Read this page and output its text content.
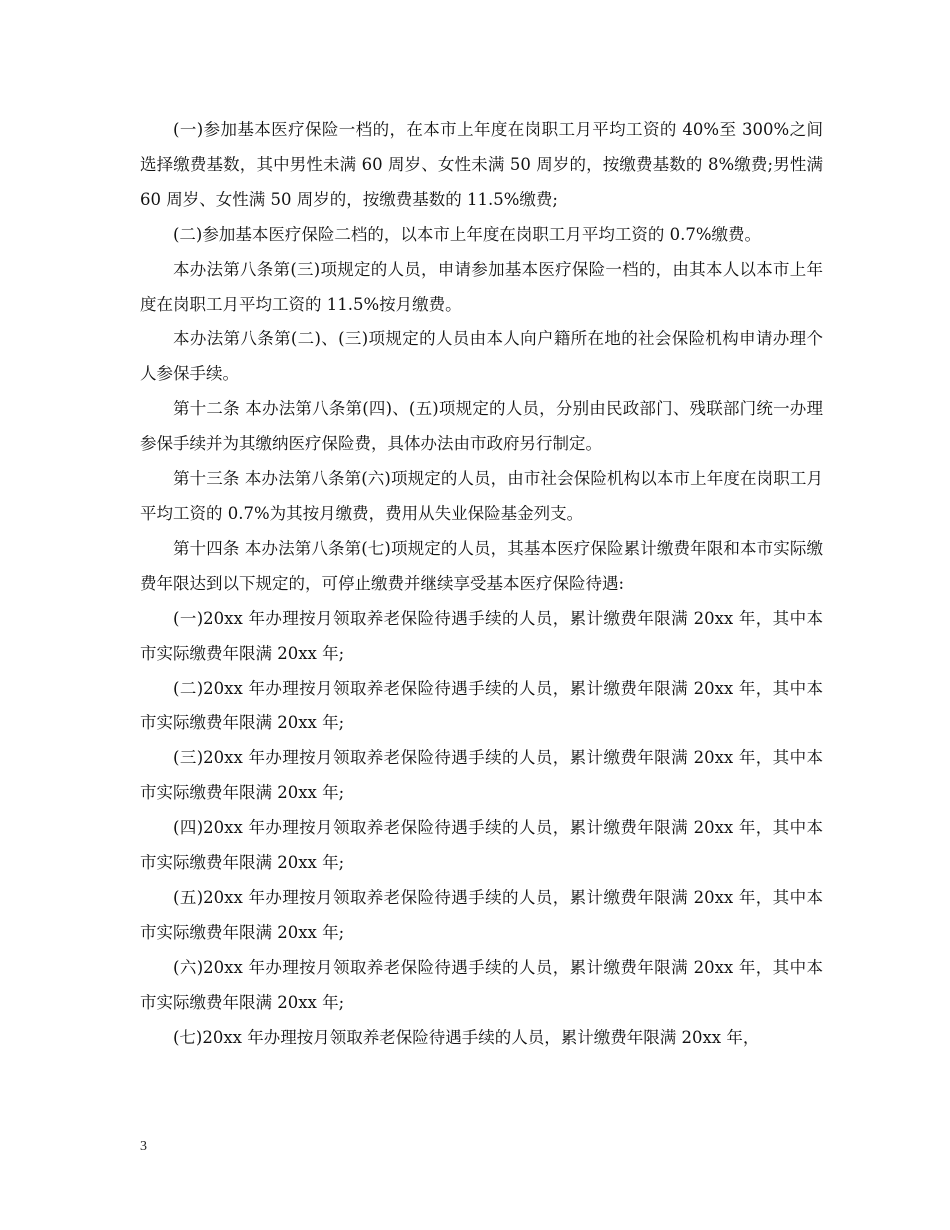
(一)参加基本医疗保险一档的，在本市上年度在岗职工月平均工资的 40%至 300%之间选择缴费基数，其中男性未满 60 周岁、女性未满 50 周岁的，按缴费基数的 8%缴费;男性满 60 周岁、女性满 50 周岁的，按缴费基数的 11.5%缴费;

(二)参加基本医疗保险二档的，以本市上年度在岗职工月平均工资的 0.7%缴费。

本办法第八条第(三)项规定的人员，申请参加基本医疗保险一档的，由其本人以本市上年度在岗职工月平均工资的 11.5%按月缴费。

本办法第八条第(二)、(三)项规定的人员由本人向户籍所在地的社会保险机构申请办理个人参保手续。

第十二条 本办法第八条第(四)、(五)项规定的人员，分别由民政部门、残联部门统一办理参保手续并为其缴纳医疗保险费，具体办法由市政府另行制定。

第十三条 本办法第八条第(六)项规定的人员，由市社会保险机构以本市上年度在岗职工月平均工资的 0.7%为其按月缴费，费用从失业保险基金列支。

第十四条 本办法第八条第(七)项规定的人员，其基本医疗保险累计缴费年限和本市实际缴费年限达到以下规定的，可停止缴费并继续享受基本医疗保险待遇:

(一)20xx 年办理按月领取养老保险待遇手续的人员，累计缴费年限满 20xx 年，其中本市实际缴费年限满 20xx 年;

(二)20xx 年办理按月领取养老保险待遇手续的人员，累计缴费年限满 20xx 年，其中本市实际缴费年限满 20xx 年;

(三)20xx 年办理按月领取养老保险待遇手续的人员，累计缴费年限满 20xx 年，其中本市实际缴费年限满 20xx 年;

(四)20xx 年办理按月领取养老保险待遇手续的人员，累计缴费年限满 20xx 年，其中本市实际缴费年限满 20xx 年;

(五)20xx 年办理按月领取养老保险待遇手续的人员，累计缴费年限满 20xx 年，其中本市实际缴费年限满 20xx 年;

(六)20xx 年办理按月领取养老保险待遇手续的人员，累计缴费年限满 20xx 年，其中本市实际缴费年限满 20xx 年;

(七)20xx 年办理按月领取养老保险待遇手续的人员，累计缴费年限满 20xx 年，

3
